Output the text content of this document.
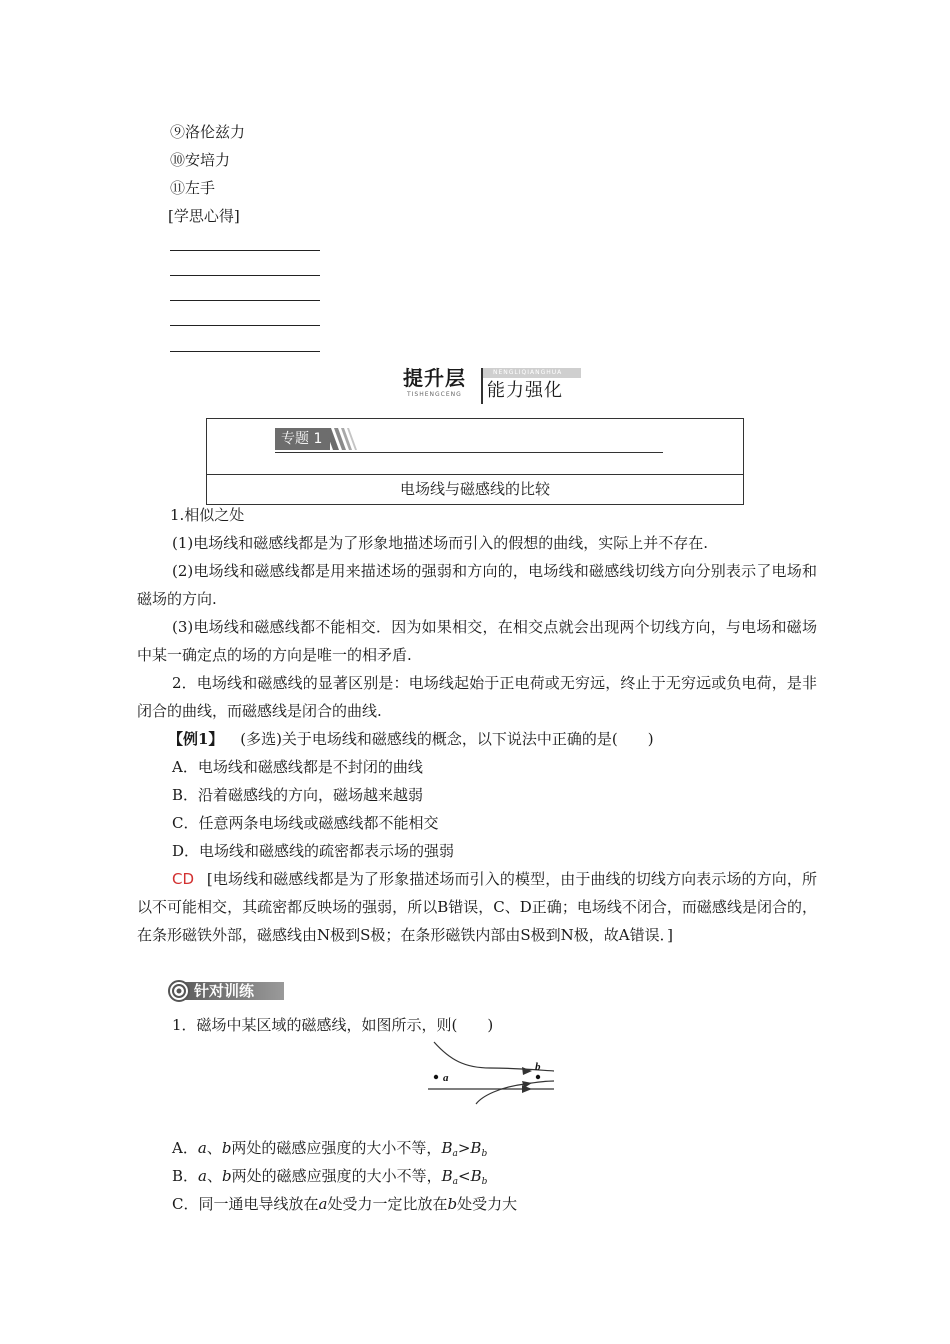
⑨洛伦兹力
⑩安培力
⑪左手
[学思心得]
提升层
TISHENGCENG
NENGLIQIANGHUA
能力强化
电场线与磁感线的比较
专题 1
1.相似之处
(1)电场线和磁感线都是为了形象地描述场而引入的假想的曲线，实际上并不存在.
(2)电场线和磁感线都是用来描述场的强弱和方向的，电场线和磁感线切线方向分别表示了电场和磁场的方向.
(3)电场线和磁感线都不能相交．因为如果相交，在相交点就会出现两个切线方向，与电场和磁场中某一确定点的场的方向是唯一的相矛盾.
2．电场线和磁感线的显著区别是：电场线起始于正电荷或无穷远，终止于无穷远或负电荷，是非闭合的曲线，而磁感线是闭合的曲线.
【例1】 (多选)关于电场线和磁感线的概念，以下说法中正确的是(　　)
A．电场线和磁感线都是不封闭的曲线
B．沿着磁感线的方向，磁场越来越弱
C．任意两条电场线或磁感线都不能相交
D．电场线和磁感线的疏密都表示场的强弱
CD [电场线和磁感线都是为了形象描述场而引入的模型，由于曲线的切线方向表示场的方向，所以不可能相交，其疏密都反映场的强弱，所以B错误，C、D正确；电场线不闭合，而磁感线是闭合的，在条形磁铁外部，磁感线由N极到S极；在条形磁铁内部由S极到N极，故A错误．]
针对训练
1．磁场中某区域的磁感线，如图所示，则(　　)
a
b
A．a、b两处的磁感应强度的大小不等，$B_a>B_b$
B．a、b两处的磁感应强度的大小不等，$B_a<B_b$
C．同一通电导线放在a处受力一定比放在b处受力大
